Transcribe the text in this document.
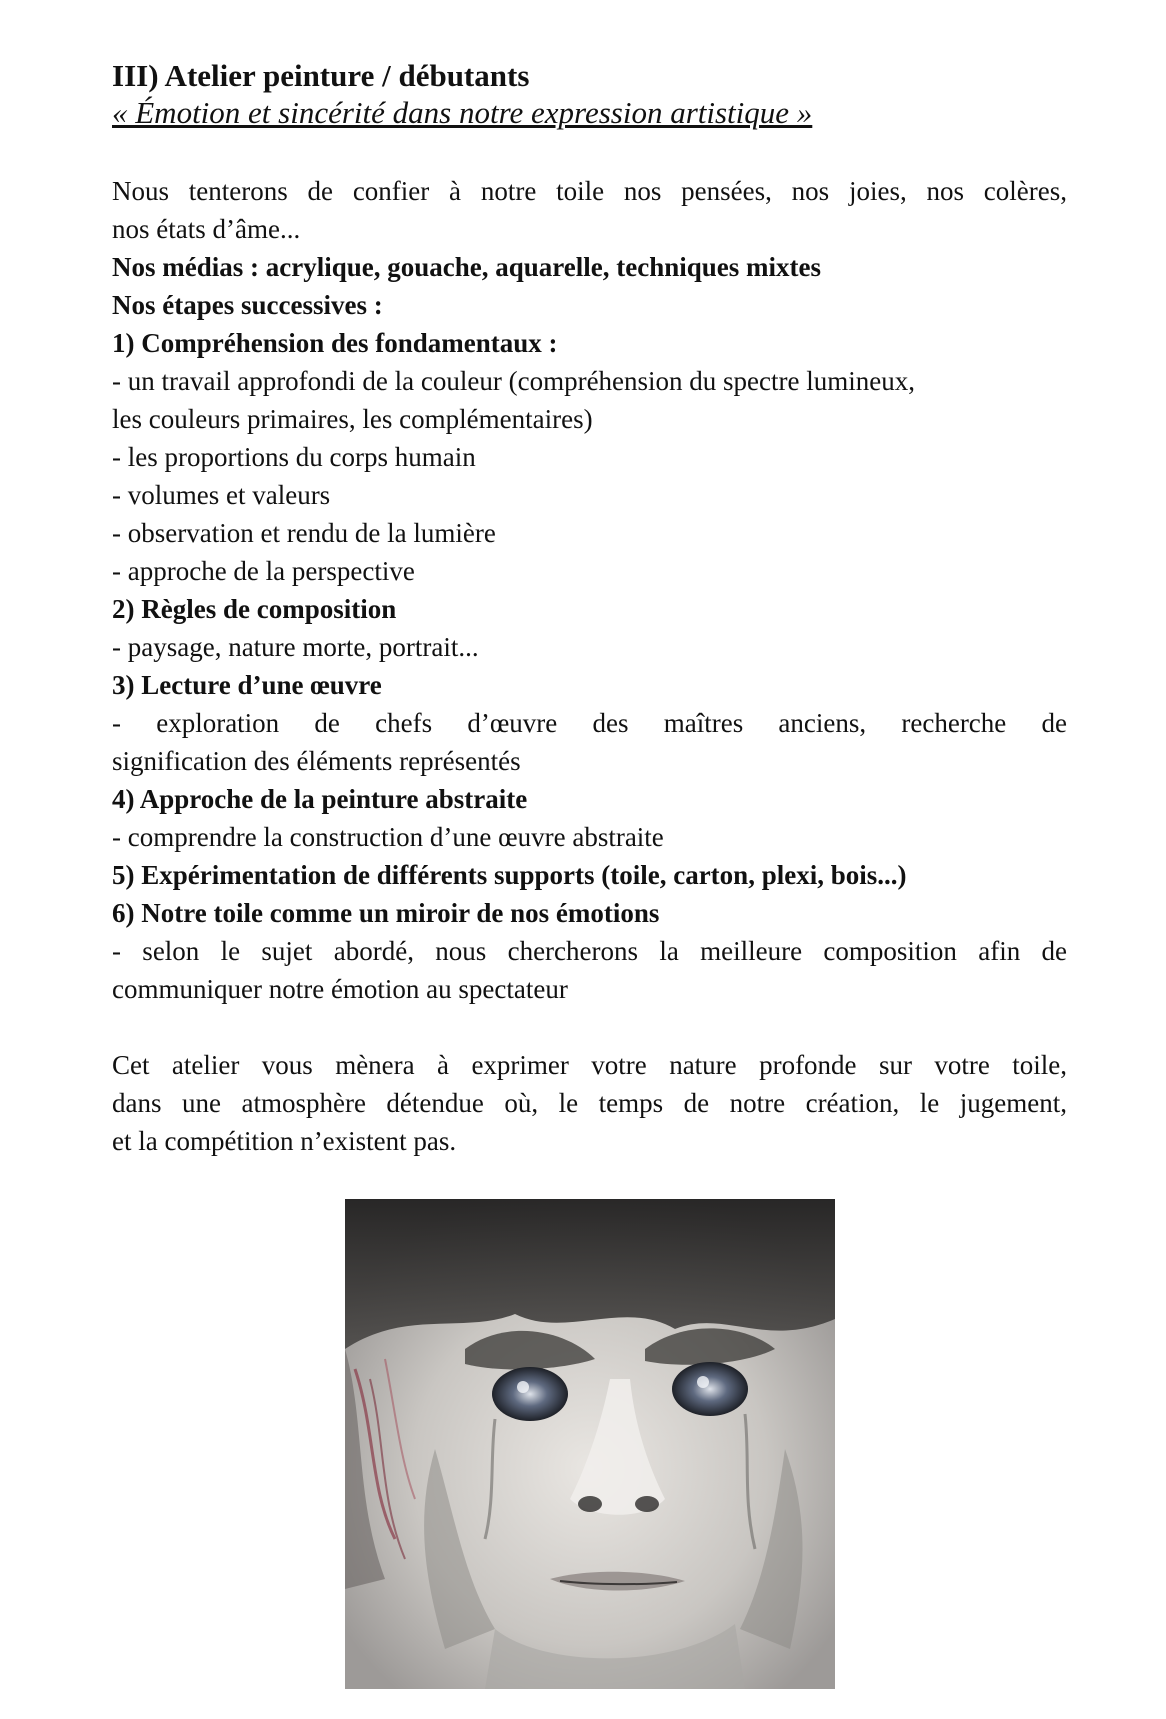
III) Atelier peinture / débutants

« Émotion et sincérité dans notre expression artistique »

Nous tenterons de confier à notre toile nos pensées, nos joies, nos colères,

nos états d’âme...

Nos médias : acrylique, gouache, aquarelle, techniques mixtes

Nos étapes successives :

1) Compréhension des fondamentaux :

- un travail approfondi de la couleur (compréhension du spectre lumineux,

les couleurs primaires, les complémentaires)

- les proportions du corps humain

- volumes et valeurs

- observation et rendu de la lumière

- approche de la perspective

2) Règles de composition

- paysage, nature morte, portrait...

3) Lecture d’une œuvre

- exploration de chefs d’œuvre des maîtres anciens, recherche de

signification des éléments représentés

4) Approche de la peinture abstraite

- comprendre la construction d’une œuvre abstraite

5) Expérimentation de différents supports (toile, carton, plexi, bois...)

6) Notre toile comme un miroir de nos émotions

- selon le sujet abordé, nous chercherons la meilleure composition afin de

communiquer notre émotion au spectateur

Cet atelier vous mènera à exprimer votre nature profonde sur votre toile,

dans une atmosphère détendue où, le temps de notre création, le jugement,

et la compétition n’existent pas.
